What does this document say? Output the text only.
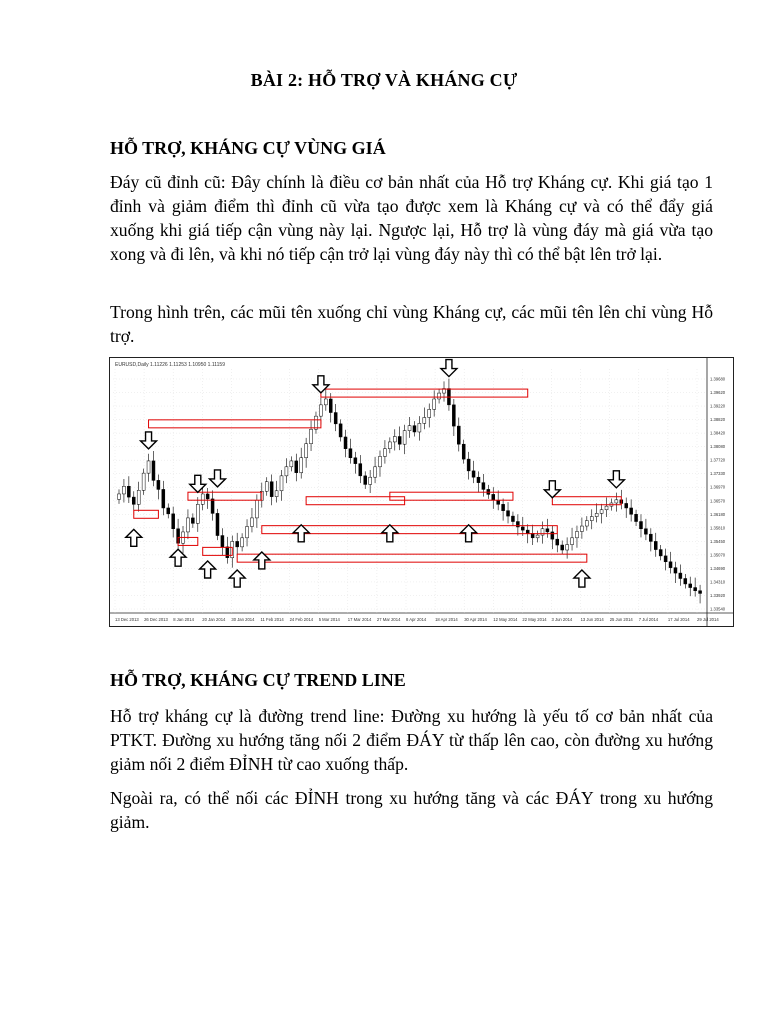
BÀI 2: HỖ TRỢ VÀ KHÁNG CỰ
HỖ TRỢ, KHÁNG CỰ VÙNG GIÁ
Đáy cũ đỉnh cũ: Đây chính là điều cơ bản nhất của Hỗ trợ Kháng cự. Khi giá tạo 1 đỉnh và giảm điểm thì đỉnh cũ vừa tạo được xem là Kháng cự và có thể đẩy giá xuống khi giá tiếp cận vùng này lại. Ngược lại, Hỗ trợ là vùng đáy mà giá vừa tạo xong và đi lên, và khi nó tiếp cận trở lại vùng đáy này thì có thể bật lên trở lại.
Trong hình trên, các mũi tên xuống chỉ vùng Kháng cự, các mũi tên lên chỉ vùng Hỗ trợ.
1.39680
1.39620
1.39220
1.38820
1.38420
1.38080
1.37720
1.37330
1.36970
1.36570
1.36180
1.35810
1.35450
1.35070
1.34690
1.34310
1.33920
1.33540
13 Dec 2013 26 Dec 2013 8 Jan 2014 20 Jan 2014 30 Jan 2014 11 Feb 2014 24 Feb 2014 5 Mar 2014 17 Mar 2014 27 Mar 2014 8 Apr 2014 18 Apr 2014 30 Apr 2014 12 May 2014 22 May 2014 3 Jun 2014 13 Jun 2014 25 Jun 2014 7 Jul 2014 17 Jul 2014 29 Jul 2014
EURUSD,Daily 1.11226 1.11253 1.10950 1.11159
HỖ TRỢ, KHÁNG CỰ TREND LINE
Hỗ trợ kháng cự là đường trend line: Đường xu hướng là yếu tố cơ bản nhất của PTKT. Đường xu hướng tăng nối 2 điểm ĐÁY từ thấp lên cao, còn đường xu hướng giảm nối 2 điểm ĐỈNH từ cao xuống thấp.
Ngoài ra, có thể nối các ĐỈNH trong xu hướng tăng và các ĐÁY trong xu hướng giảm.
